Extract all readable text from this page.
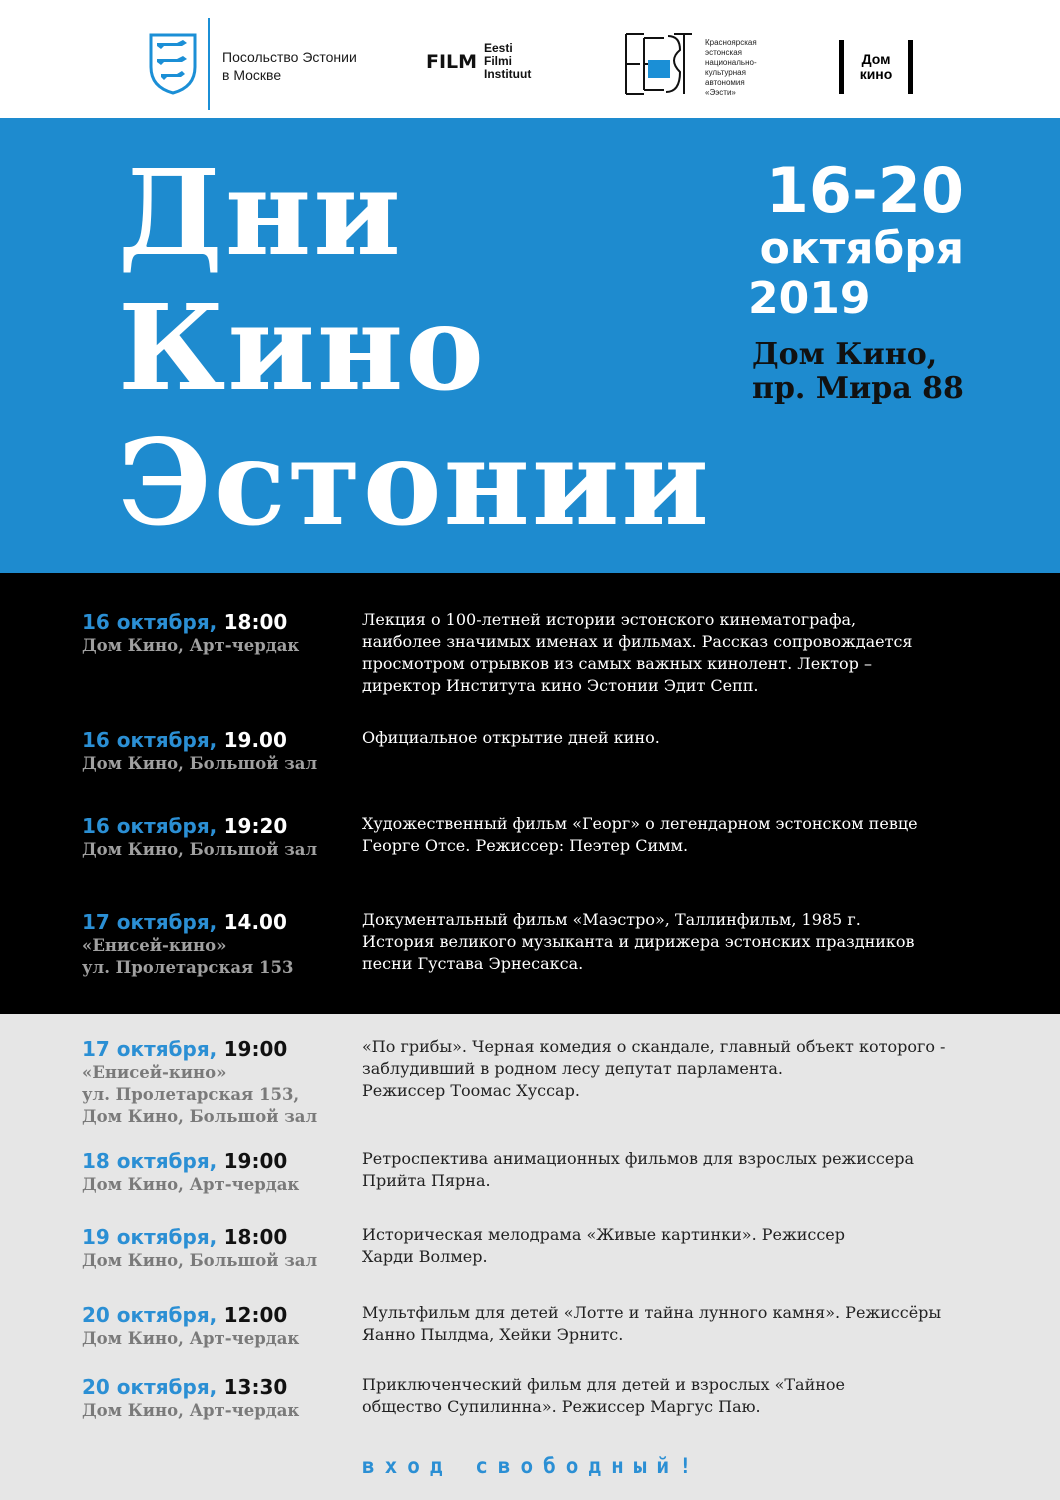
Посольство Эстонии
в Москве
FILM
Eesti
Filmi
Instituut
Красноярская
эстонская
национально-
культурная
автономия
«Ээсти»
Дом
кино
Дни
Кино
Эстонии
16-20
октября
2019
Дом Кино,
пр. Мира 88
16 октября, 18:00
Дом Кино, Арт-чердак
Лекция о 100-летней истории эстонского кинематографа,
наиболее значимых именах и фильмах. Рассказ сопровождается
просмотром отрывков из самых важных кинолент. Лектор –
директор Института кино Эстонии Эдит Сепп.
16 октября, 19.00
Дом Кино, Большой зал
Официальное открытие дней кино.
16 октября, 19:20
Дом Кино, Большой зал
Художественный фильм «Георг» о легендарном эстонском певце
Георге Отсе. Режиссер: Пеэтер Симм.
17 октября, 14.00
«Енисей-кино»
ул. Пролетарская 153
Документальный фильм «Маэстро», Таллинфильм, 1985 г.
История великого музыканта и дирижера эстонских праздников
песни Густава Эрнесакса.
17 октября, 19:00
«Енисей-кино»
ул. Пролетарская 153,
Дом Кино, Большой зал
«По грибы». Черная комедия о скандале, главный объект которого -
заблудивший в родном лесу депутат парламента.
Режиссер Тоомас Хуссар.
18 октября, 19:00
Дом Кино, Арт-чердак
Ретроспектива анимационных фильмов для взрослых режиссера
Прийта Пярна.
19 октября, 18:00
Дом Кино, Большой зал
Историческая мелодрама «Живые картинки». Режиссер
Харди Волмер.
20 октября, 12:00
Дом Кино, Арт-чердак
Мультфильм для детей «Лотте и тайна лунного камня». Режиссёры
Яанно Пылдма, Хейки Эрнитс.
20 октября, 13:30
Дом Кино, Арт-чердак
Приключенческий фильм для детей и взрослых «Тайное
общество Супилинна». Режиссер Маргус Паю.
вход свободный!
